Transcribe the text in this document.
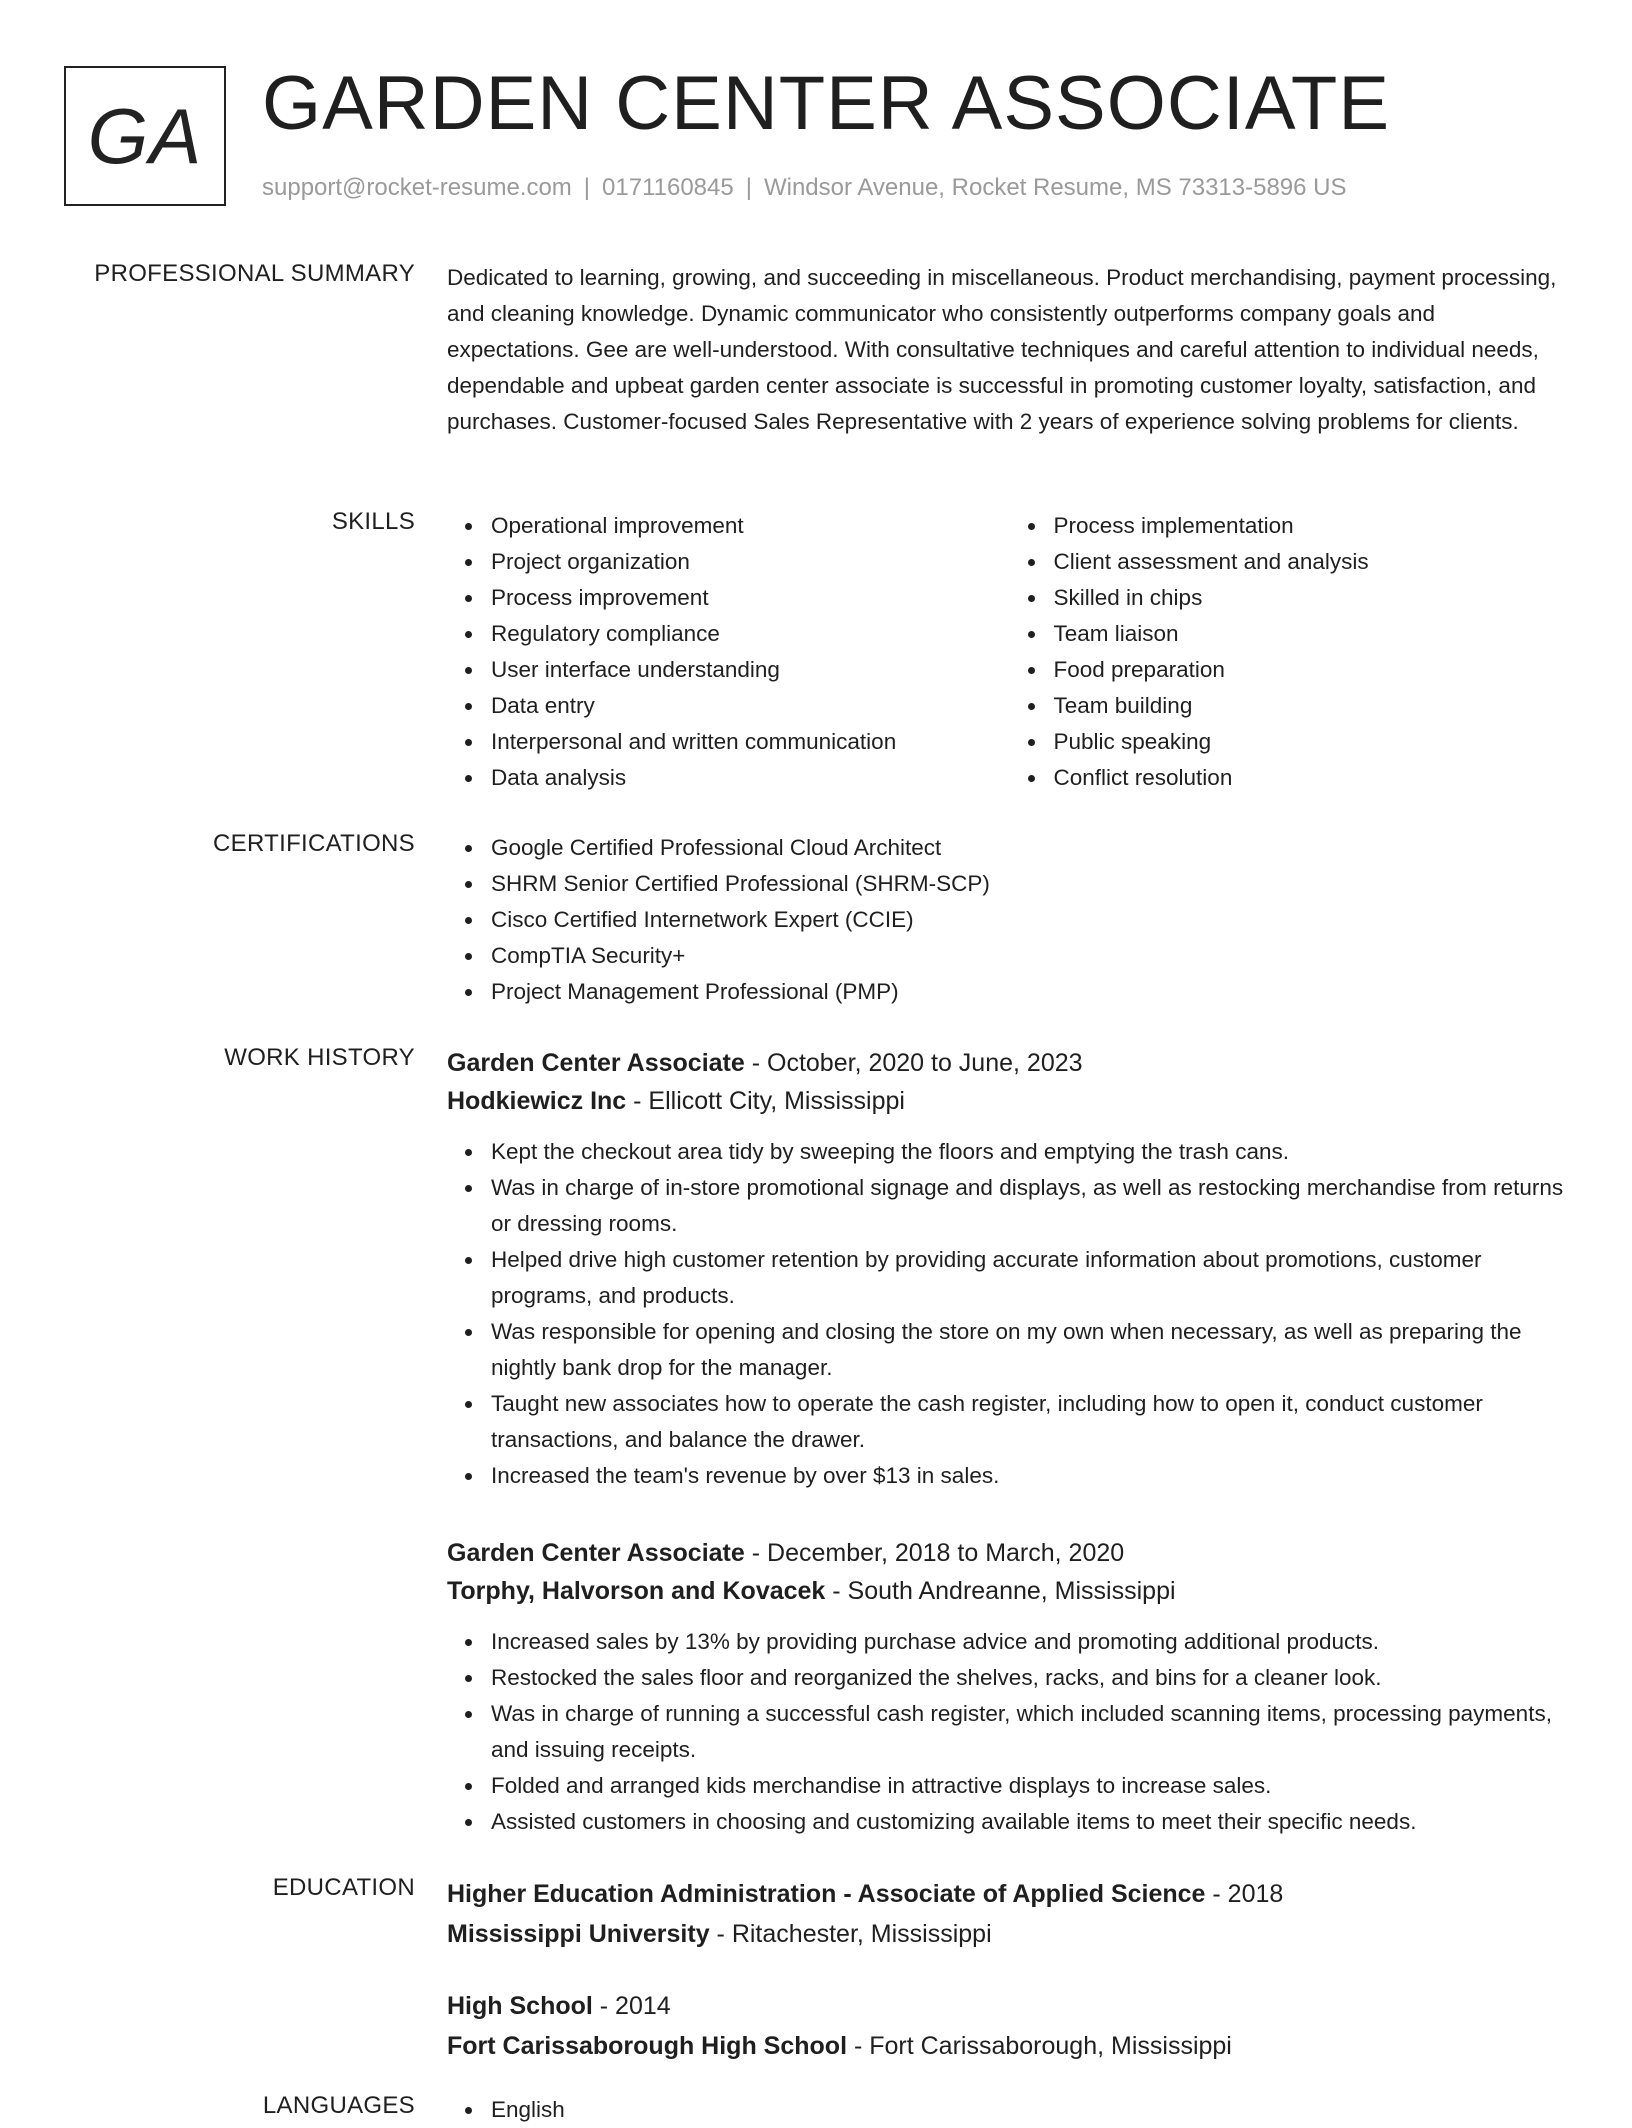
GA GARDEN CENTER ASSOCIATE
support@rocket-resume.com | 0171160845 | Windsor Avenue, Rocket Resume, MS 73313-5896 US
PROFESSIONAL SUMMARY Dedicated to learning, growing, and succeeding in miscellaneous. Product merchandising, payment processing, and cleaning knowledge. Dynamic communicator who consistently outperforms company goals and expectations. Gee are well-understood. With consultative techniques and careful attention to individual needs, dependable and upbeat garden center associate is successful in promoting customer loyalty, satisfaction, and purchases. Customer-focused Sales Representative with 2 years of experience solving problems for clients.
SKILLS	Operational improvement
Project organization
Process improvement
Regulatory compliance
User interface understanding
Data entry
Interpersonal and written communication
Data analysis
Process implementation
Client assessment and analysis
Skilled in chips
Team liaison
Food preparation
Team building
Public speaking
Conflict resolution
CERTIFICATIONS	Google Certified Professional Cloud Architect
SHRM Senior Certified Professional (SHRM-SCP)
Cisco Certified Internetwork Expert (CCIE)
CompTIA Security+
Project Management Professional (PMP)
WORK HISTORY Garden Center Associate - October, 2020 to June, 2023
Hodkiewicz Inc - Ellicott City, Mississippi
Kept the checkout area tidy by sweeping the floors and emptying the trash cans.
Was in charge of in-store promotional signage and displays, as well as restocking merchandise from returns or dressing rooms.
Helped drive high customer retention by providing accurate information about promotions, customer programs, and products.
Was responsible for opening and closing the store on my own when necessary, as well as preparing the nightly bank drop for the manager.
Taught new associates how to operate the cash register, including how to open it, conduct customer transactions, and balance the drawer.
Increased the team's revenue by over $13 in sales.
Garden Center Associate - December, 2018 to March, 2020
Torphy, Halvorson and Kovacek - South Andreanne, Mississippi
Increased sales by 13% by providing purchase advice and promoting additional products.
Restocked the sales floor and reorganized the shelves, racks, and bins for a cleaner look.
Was in charge of running a successful cash register, which included scanning items, processing payments, and issuing receipts.
Folded and arranged kids merchandise in attractive displays to increase sales.
Assisted customers in choosing and customizing available items to meet their specific needs.
EDUCATION Higher Education Administration - Associate of Applied Science - 2018
Mississippi University - Ritachester, Mississippi
High School - 2014
Fort Carissaborough High School - Fort Carissaborough, Mississippi
LANGUAGES	English
